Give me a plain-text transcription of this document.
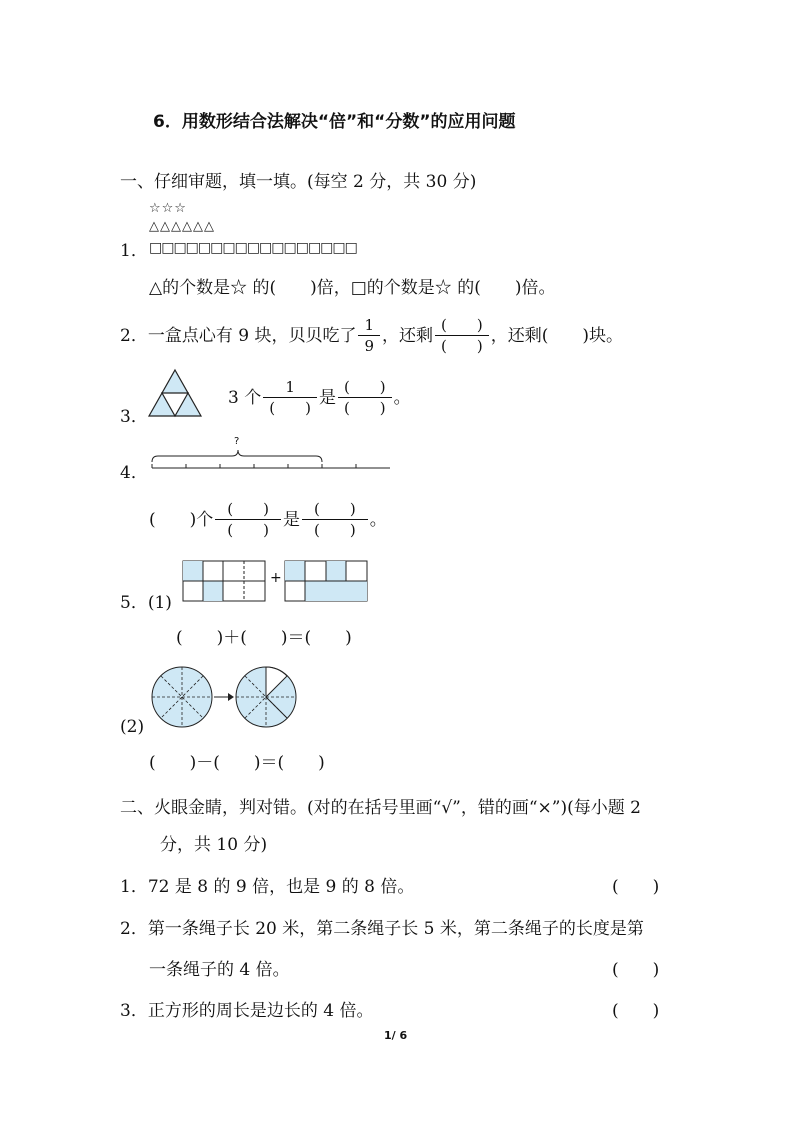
6．用数形结合法解决“倍”和“分数”的应用问题
一、仔细审题，填一填。(每空 2 分，共 30 分)
☆☆☆
△△△△△△
1． □□□□□□□□□□□□□□□□□
△的个数是☆ 的(　　)倍，□的个数是☆ 的(　　)倍。
2． 一盒点心有 9 块，贝贝吃了 $\frac{1}{9}$ ，还剩 $\frac{( )}{( )}$ ，还剩(　　)块。
3．
3 个 $\frac{1}{( )}$ 是 $\frac{( )}{( )}$ 。
4．
?
(　　)个 $\frac{( )}{( )}$ 是 $\frac{( )}{( )}$ 。
5．(1)
+
(　　)＋(　　)＝(　　)
(2)
(　　)－(　　)＝(　　)
二、火眼金睛，判对错。(对的在括号里画“√”，错的画“×”)(每小题 2
分，共 10 分)
1．72 是 8 的 9 倍，也是 9 的 8 倍。	(　　)
2．第一条绳子长 20 米，第二条绳子长 5 米，第二条绳子的长度是第
一条绳子的 4 倍。	(　　)
3．正方形的周长是边长的 4 倍。	(　　)
1/ 6
